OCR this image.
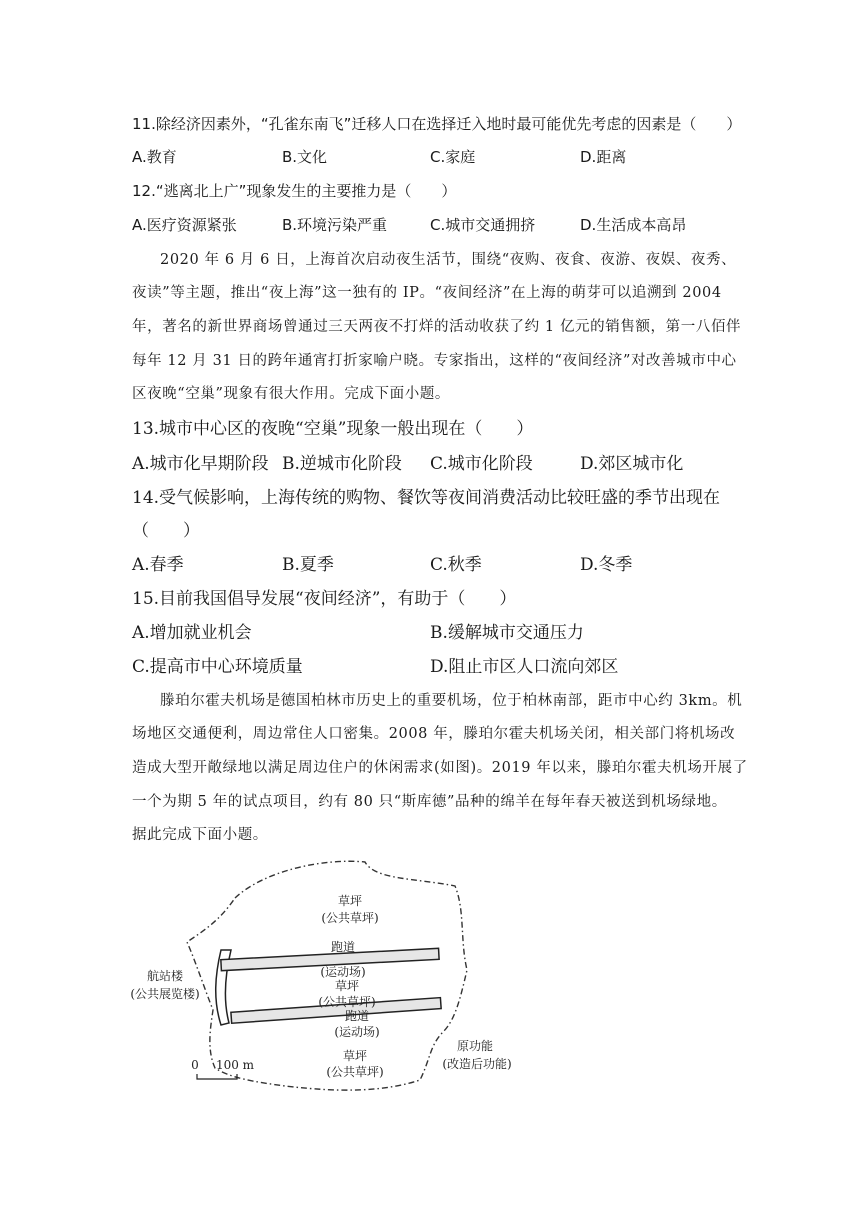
11.除经济因素外，“孔雀东南飞”迁移人口在选择迁入地时最可能优先考虑的因素是（　　）
A.教育	B.文化	C.家庭	D.距离
12.“逃离北上广”现象发生的主要推力是（　　）
A.医疗资源紧张	B.环境污染严重	C.城市交通拥挤	D.生活成本高昂
2020 年 6 月 6 日，上海首次启动夜生活节，围绕“夜购、夜食、夜游、夜娱、夜秀、
夜读”等主题，推出“夜上海”这一独有的 IP。“夜间经济”在上海的萌芽可以追溯到 2004
年，著名的新世界商场曾通过三天两夜不打烊的活动收获了约 1 亿元的销售额，第一八佰伴
每年 12 月 31 日的跨年通宵打折家喻户晓。专家指出，这样的“夜间经济”对改善城市中心
区夜晚“空巢”现象有很大作用。完成下面小题。
13.城市中心区的夜晚“空巢”现象一般出现在（　　）
A.城市化早期阶段 B.逆城市化阶段 C.城市化阶段	D.郊区城市化
14.受气候影响，上海传统的购物、餐饮等夜间消费活动比较旺盛的季节出现在
（　　）
A.春季	B.夏季	C.秋季	D.冬季
15.目前我国倡导发展“夜间经济”，有助于（　　）
A.增加就业机会	B.缓解城市交通压力
C.提高市中心环境质量	D.阻止市区人口流向郊区
滕珀尔霍夫机场是德国柏林市历史上的重要机场，位于柏林南部，距市中心约 3km。机
场地区交通便利，周边常住人口密集。2008 年，滕珀尔霍夫机场关闭，相关部门将机场改
造成大型开敞绿地以满足周边住户的休闲需求(如图)。2019 年以来，滕珀尔霍夫机场开展了
一个为期 5 年的试点项目，约有 80 只“斯库德”品种的绵羊在每年春天被送到机场绿地。
据此完成下面小题。
草坪
(公共草坪)
跑道
(运动场)
草坪
(公共草坪)
跑道
(运动场)
草坪
(公共草坪)
航站楼
(公共展览楼)
原功能
(改造后功能)
0 100 m
